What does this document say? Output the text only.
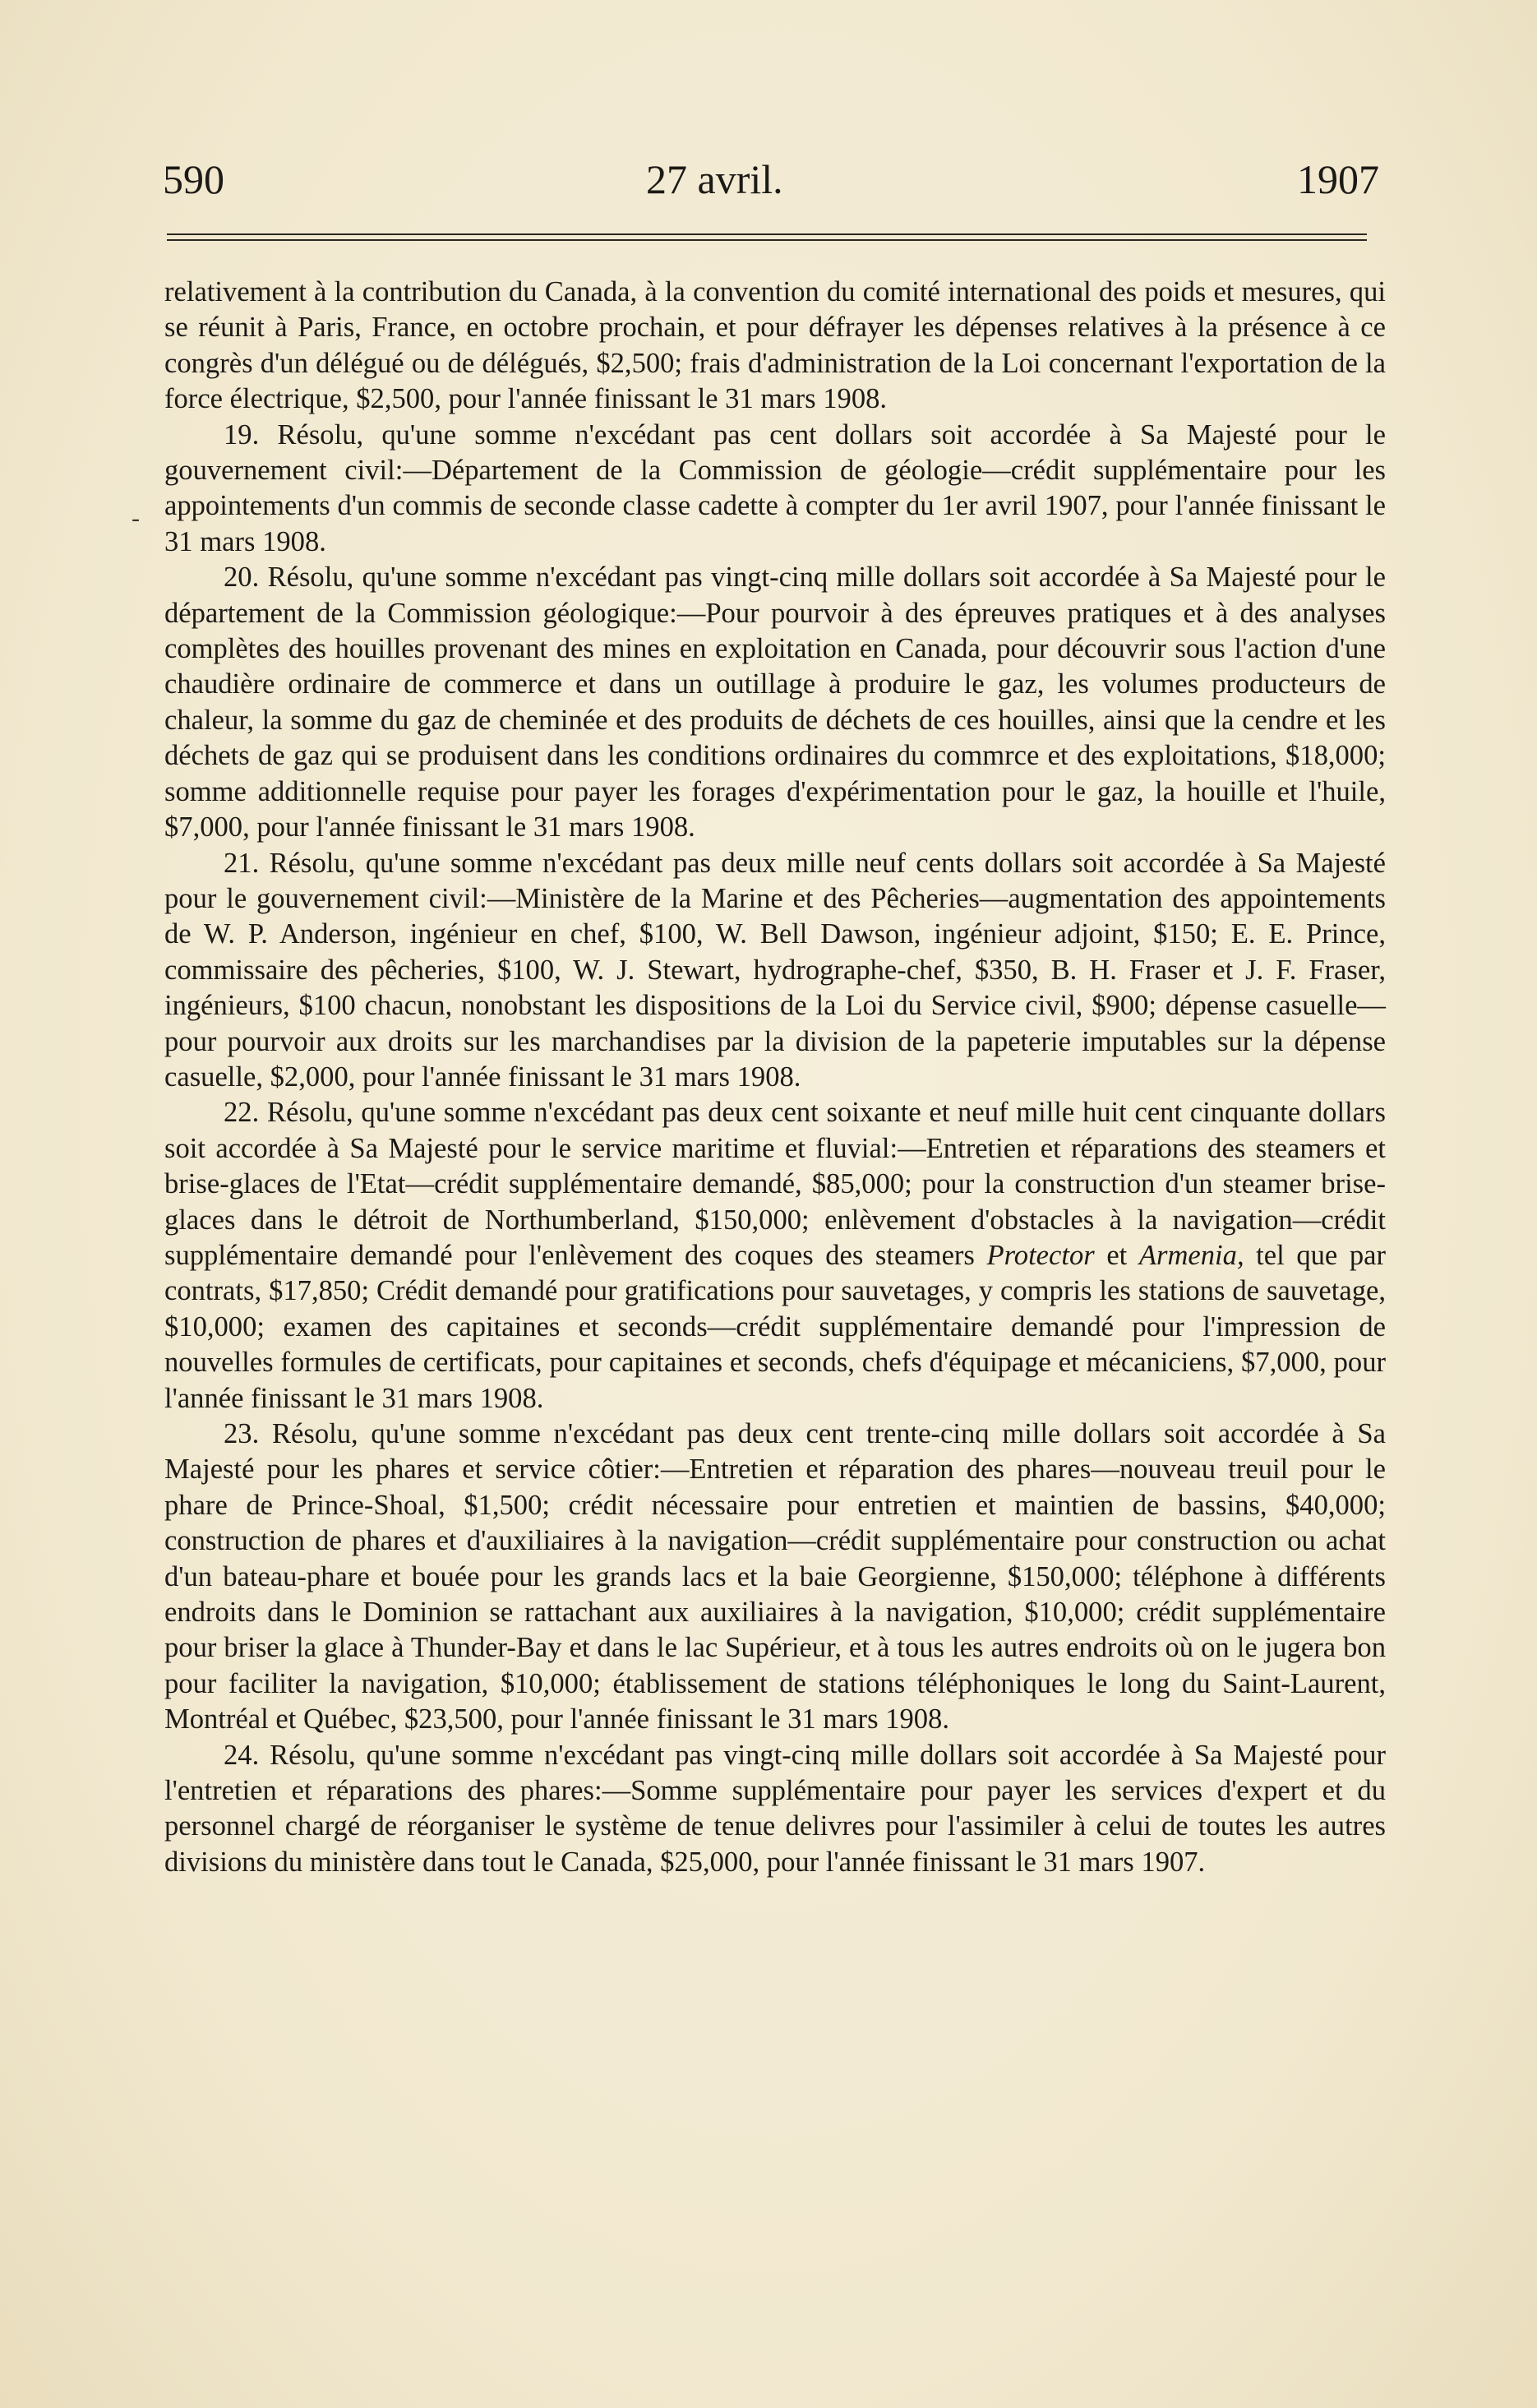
590	27 avril.	1907
-

relativement à la contribution du Canada, à la convention du comité international des poids et mesures, qui se réunit à Paris, France, en octobre prochain, et pour défrayer les dépenses relatives à la présence à ce congrès d'un délégué ou de délégués, $2,500; frais d'administration de la Loi concernant l'exportation de la force électrique, $2,500, pour l'année finissant le 31 mars 1908.

19. Résolu, qu'une somme n'excédant pas cent dollars soit accordée à Sa Majesté pour le gouvernement civil:—Département de la Commission de géologie—crédit supplémentaire pour les appointements d'un commis de seconde classe cadette à compter du 1er avril 1907, pour l'année finissant le 31 mars 1908.

20. Résolu, qu'une somme n'excédant pas vingt-cinq mille dollars soit accordée à Sa Majesté pour le département de la Commission géologique:—Pour pourvoir à des épreuves pratiques et à des analyses complètes des houilles provenant des mines en exploitation en Canada, pour découvrir sous l'action d'une chaudière ordinaire de commerce et dans un outillage à produire le gaz, les volumes producteurs de chaleur, la somme du gaz de cheminée et des produits de déchets de ces houilles, ainsi que la cendre et les déchets de gaz qui se produisent dans les conditions ordinaires du commrce et des exploitations, $18,000; somme additionnelle requise pour payer les forages d'expérimentation pour le gaz, la houille et l'huile, $7,000, pour l'année finissant le 31 mars 1908.

21. Résolu, qu'une somme n'excédant pas deux mille neuf cents dollars soit accordée à Sa Majesté pour le gouvernement civil:—Ministère de la Marine et des Pêcheries—augmentation des appointements de W. P. Anderson, ingénieur en chef, $100, W. Bell Dawson, ingénieur adjoint, $150; E. E. Prince, commissaire des pêcheries, $100, W. J. Stewart, hydrographe-chef, $350, B. H. Fraser et J. F. Fraser, ingénieurs, $100 chacun, nonobstant les dispositions de la Loi du Service civil, $900; dépense casuelle—pour pourvoir aux droits sur les marchandises par la division de la papeterie imputables sur la dépense casuelle, $2,000, pour l'année finissant le 31 mars 1908.

22. Résolu, qu'une somme n'excédant pas deux cent soixante et neuf mille huit cent cinquante dollars soit accordée à Sa Majesté pour le service maritime et fluvial:—Entretien et réparations des steamers et brise-glaces de l'Etat—crédit supplémentaire demandé, $85,000; pour la construction d'un steamer brise-glaces dans le détroit de Northumberland, $150,000; enlèvement d'obstacles à la navigation—crédit supplémentaire demandé pour l'enlèvement des coques des steamers Protector et Armenia, tel que par contrats, $17,850; Crédit demandé pour gratifications pour sauvetages, y compris les stations de sauvetage, $10,000; examen des capitaines et seconds—crédit supplémentaire demandé pour l'impression de nouvelles formules de certificats, pour capitaines et seconds, chefs d'équipage et mécaniciens, $7,000, pour l'année finissant le 31 mars 1908.

23. Résolu, qu'une somme n'excédant pas deux cent trente-cinq mille dollars soit accordée à Sa Majesté pour les phares et service côtier:—Entretien et réparation des phares—nouveau treuil pour le phare de Prince-Shoal, $1,500; crédit nécessaire pour entretien et maintien de bassins, $40,000; construction de phares et d'auxiliaires à la navigation—crédit supplémentaire pour construction ou achat d'un bateau-phare et bouée pour les grands lacs et la baie Georgienne, $150,000; téléphone à différents endroits dans le Dominion se rattachant aux auxiliaires à la navigation, $10,000; crédit supplémentaire pour briser la glace à Thunder-Bay et dans le lac Supérieur, et à tous les autres endroits où on le jugera bon pour faciliter la navigation, $10,000; établissement de stations téléphoniques le long du Saint-Laurent, Montréal et Québec, $23,500, pour l'année finissant le 31 mars 1908.

24. Résolu, qu'une somme n'excédant pas vingt-cinq mille dollars soit accordée à Sa Majesté pour l'entretien et réparations des phares:—Somme supplémentaire pour payer les services d'expert et du personnel chargé de réorganiser le système de tenue delivres pour l'assimiler à celui de toutes les autres divisions du ministère dans tout le Canada, $25,000, pour l'année finissant le 31 mars 1907.
